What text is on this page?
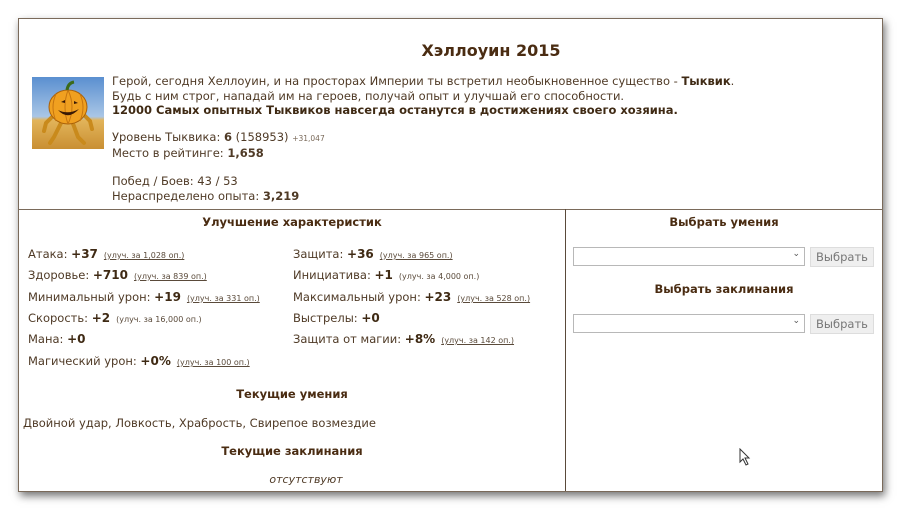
Хэллоуин 2015
Герой, сегодня Хеллоуин, и на просторах Империи ты встретил необыкновенное существо - Тыквик.
Будь с ним строг, нападай им на героев, получай опыт и улучшай его способности.
12000 Самых опытных Тыквиков навсегда останутся в достижениях своего хозяина.
Уровень Тыквика: 6 (158953) +31,047
Место в рейтинге: 1,658
Побед / Боев: 43 / 53
Нераспределено опыта: 3,219
Улучшение характеристик
Атака: +37 (улуч. за 1,028 оп.)	Защита: +36 (улуч. за 965 оп.)
Здоровье: +710 (улуч. за 839 оп.)	Инициатива: +1 (улуч. за 4,000 оп.)
Минимальный урон: +19 (улуч. за 331 оп.)	Максимальный урон: +23 (улуч. за 528 оп.)
Скорость: +2 (улуч. за 16,000 оп.)	Выстрелы: +0
Мана: +0	Защита от магии: +8% (улуч. за 142 оп.)
Магический урон: +0% (улуч. за 100 оп.)
Текущие умения
Двойной удар, Ловкость, Храбрость, Свирепое возмездие
Текущие заклинания
отсутствуют
Выбрать умения
⌄	Выбрать
Выбрать заклинания
⌄	Выбрать
